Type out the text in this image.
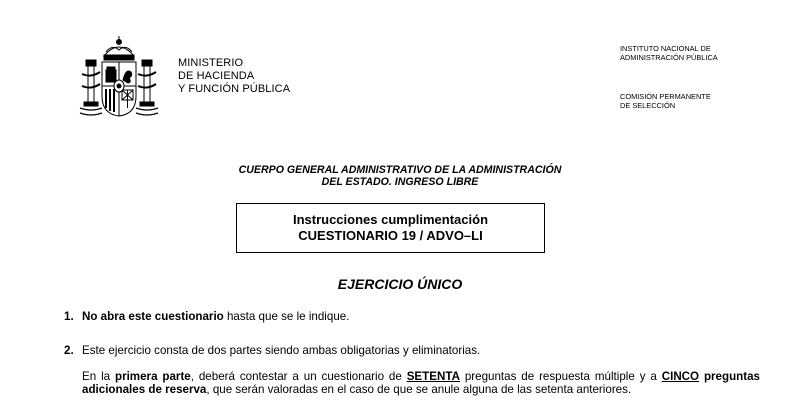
MINISTERIO
DE HACIENDA
Y FUNCIÓN PÚBLICA
INSTITUTO NACIONAL DE
ADMINISTRACIÓN PÚBLICA
COMISIÓN PERMANENTE
DE SELECCIÓN
CUERPO GENERAL ADMINISTRATIVO DE LA ADMINISTRACIÓN
DEL ESTADO. INGRESO LIBRE
Instrucciones cumplimentación
CUESTIONARIO 19 / ADVO–LI
EJERCICIO ÚNICO
1. No abra este cuestionario hasta que se le indique.
2. Este ejercicio consta de dos partes siendo ambas obligatorias y eliminatorias.
En la primera parte, deberá contestar a un cuestionario de SETENTA preguntas de respuesta múltiple y a CINCO preguntas adicionales de reserva, que serán valoradas en el caso de que se anule alguna de las setenta anteriores.
